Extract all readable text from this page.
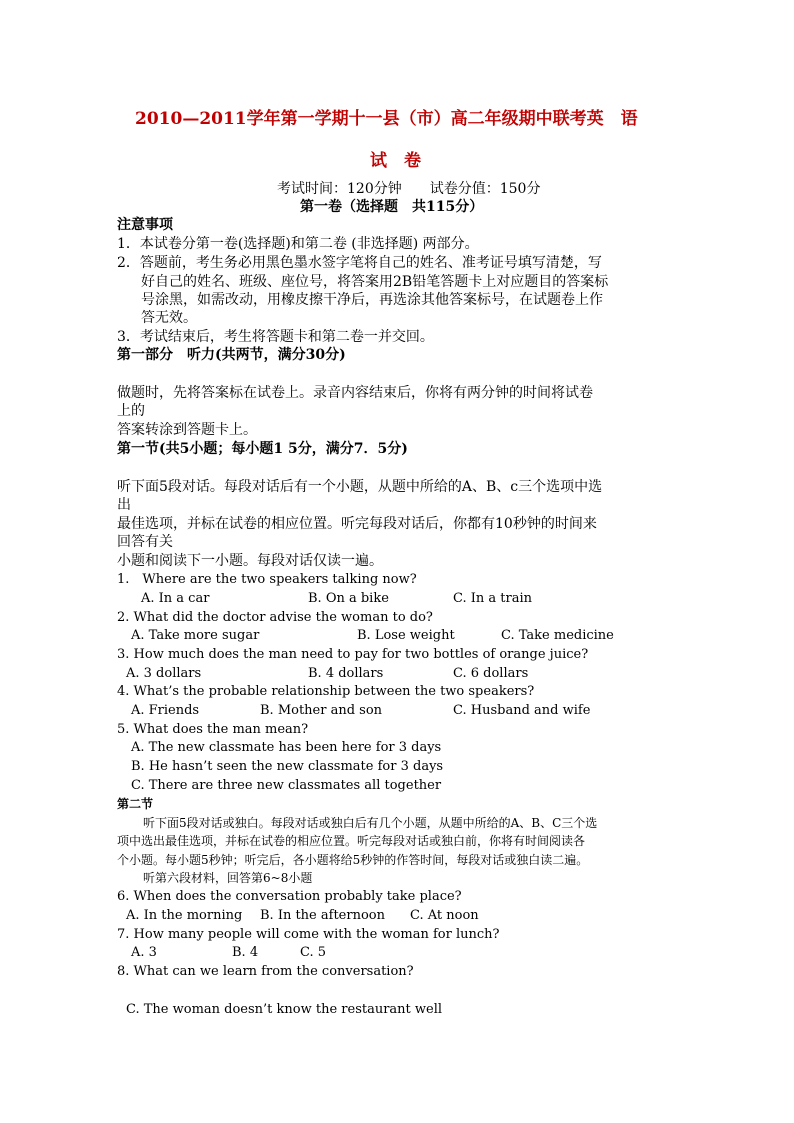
2010—2011学年第一学期十一县（市）高二年级期中联考英　语
试　卷
考试时间：120分钟　　试卷分值：150分
第一卷（选择题　共115分）
注意事项
1．本试卷分第一卷(选择题)和第二卷 (非选择题) 两部分。
2．答题前，考生务必用黑色墨水签字笔将自己的姓名、准考证号填写清楚，写
好自己的姓名、班级、座位号，将答案用2B铅笔答题卡上对应题目的答案标
号涂黑，如需改动，用橡皮擦干净后，再选涂其他答案标号，在试题卷上作
答无效。
3．考试结束后，考生将答题卡和第二卷一并交回。
第一部分　听力(共两节，满分30分)
做题时，先将答案标在试卷上。录音内容结束后，你将有两分钟的时间将试卷
上的
答案转涂到答题卡上。
第一节(共5小题；每小题1 5分，满分7．5分)
听下面5段对话。每段对话后有一个小题，从题中所给的A、B、c三个选项中选
出
最佳选项，并标在试卷的相应位置。听完每段对话后，你都有10秒钟的时间来
回答有关
小题和阅读下一小题。每段对话仅读一遍。
1.　Where are the two speakers talking now?
A. In a car	B. On a bike	C. In a train
2. What did the doctor advise the woman to do?
A. Take more sugar	B. Lose weight	C. Take medicine
3. How much does the man need to pay for two bottles of orange juice?
A. 3 dollars	B. 4 dollars	C. 6 dollars
4. What’s the probable relationship between the two speakers?
A. Friends	B. Mother and son	C. Husband and wife
5. What does the man mean?
A. The new classmate has been here for 3 days
B. He hasn’t seen the new classmate for 3 days
C. There are three new classmates all together
第二节
听下面5段对话或独白。每段对话或独白后有几个小题，从题中所给的A、B、C三个选
项中选出最佳选项，并标在试卷的相应位置。听完每段对话或独白前，你将有时间阅读各
个小题。每小题5秒钟；听完后，各小题将给5秒钟的作答时间，每段对话或独白读二遍。
听第六段材料，回答第6~8小题
6. When does the conversation probably take place?
A. In the morning B. In the afternoon C. At noon
7. How many people will come with the woman for lunch?
A. 3	B. 4	C. 5
8. What can we learn from the conversation?
C. The woman doesn’t know the restaurant well
